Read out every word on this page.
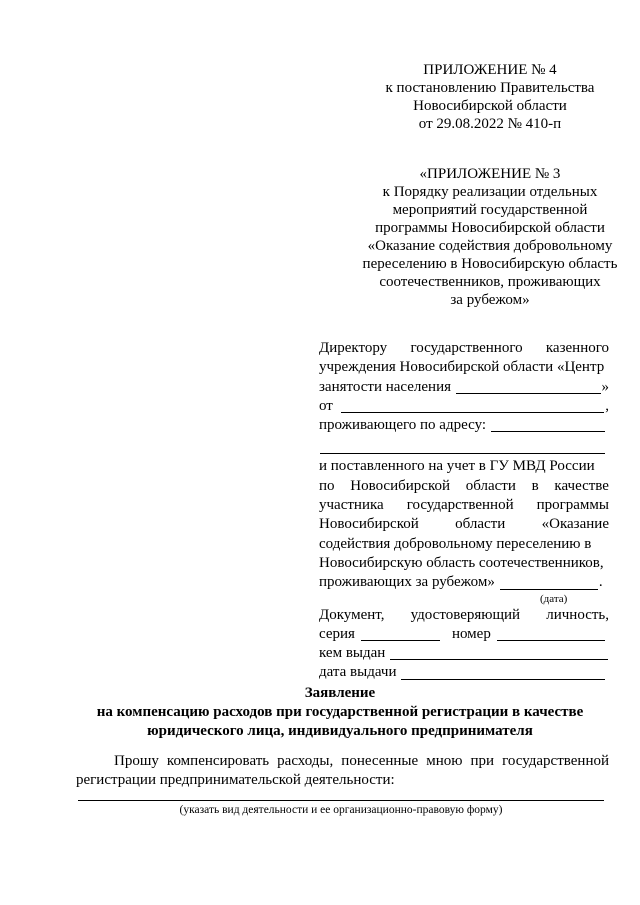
ПРИЛОЖЕНИЕ № 4
к постановлению Правительства
Новосибирской области
от 29.08.2022 № 410-п
«ПРИЛОЖЕНИЕ № 3
к Порядку реализации отдельных
мероприятий государственной
программы Новосибирской области
«Оказание содействия добровольному
переселению в Новосибирскую область
соотечественников, проживающих
за рубежом»
Директору государственного казенного
учреждения Новосибирской области «Центр
занятости населения	»
от	,
проживающего по адресу:
и поставленного на учет в ГУ МВД России
по Новосибирской области в качестве
участника государственной программы
Новосибирской области «Оказание
содействия добровольному переселению в
Новосибирскую область соотечественников,
проживающих за рубежом»	.
(дата)
Документ, удостоверяющий личность,
серия	номер
кем выдан
дата выдачи
Заявление
на компенсацию расходов при государственной регистрации в качестве
юридического лица, индивидуального предпринимателя
Прошу компенсировать расходы, понесенные мною при государственной
регистрации предпринимательской деятельности:
(указать вид деятельности и ее организационно-правовую форму)
